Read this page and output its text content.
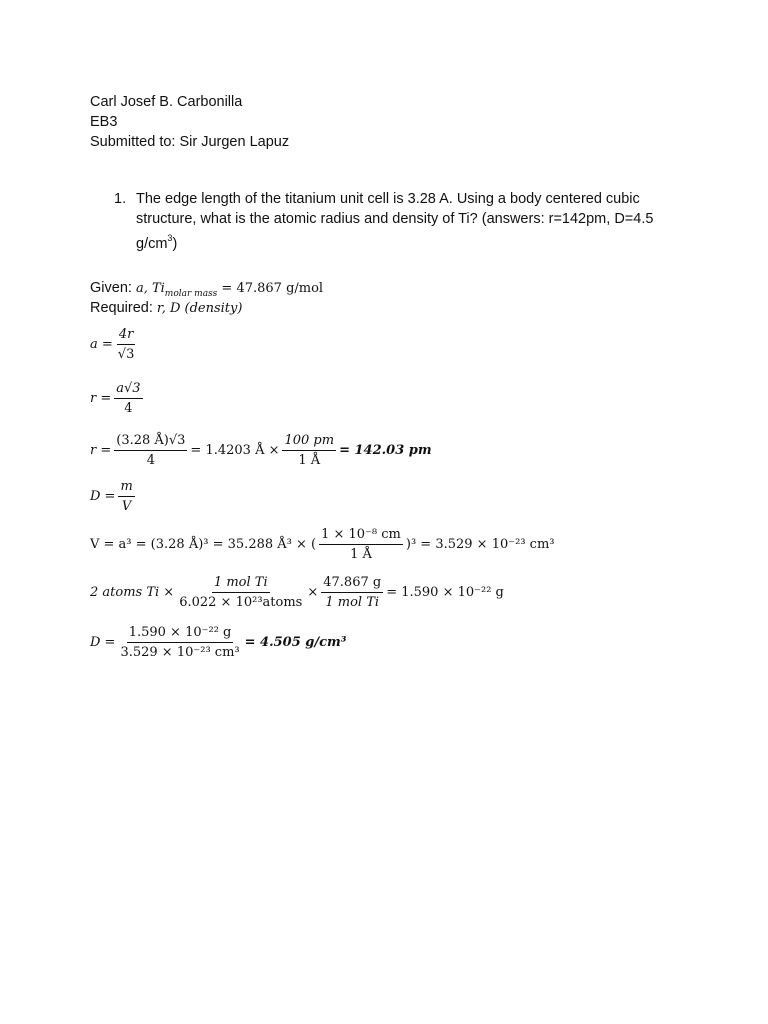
Carl Josef B. Carbonilla
EB3
Submitted to: Sir Jurgen Lapuz
1. The edge length of the titanium unit cell is 3.28 A. Using a body centered cubic structure, what is the atomic radius and density of Ti? (answers: r=142pm, D=4.5 $g/cm^3$)
Given: a, $Ti_{molar mass} = 47.867$ g/mol
Required: r, D (density)
$a = \frac{4r}{√3}$
$r = \frac{a√3}{4}$
$r = \frac{(3.28 Å)√3}{4} = 1.4203$ Å × $\frac{100 pm}{1 Å} = 142.03$ pm
$D = \frac{m}{V}$
V = a³ = (3.28 Å)³ = 35.288 Å³ × ( $\frac{\text{1 × 10⁻⁸ cm}}{1 Å} )^3 = 3.529 \times 10^{-23}$ cm³
2 atoms $Ti \times \frac{\text{1 mol Ti}}{\text{6.022 × 10²³atoms}} \times \frac{47.867 g}{\text{1 mol Ti}} = 1.590 \times 10^{-22}$ g
$D = \frac{\text{1.590 × 10⁻²² g}}{\text{3.529 × 10⁻²³ cm³}} = 4.505$ g/cm³
